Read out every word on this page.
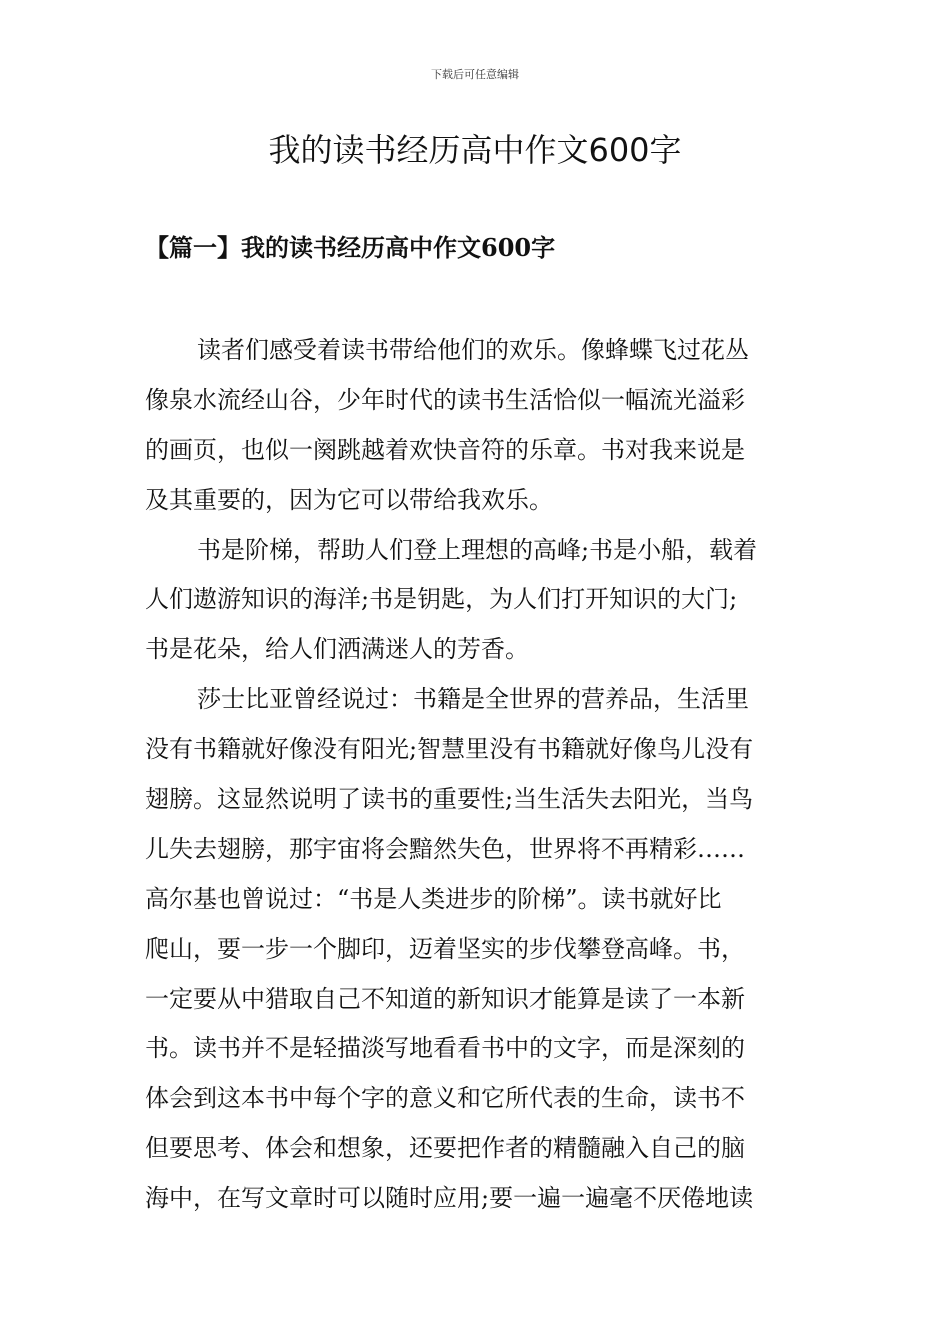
下载后可任意编辑
我的读书经历高中作文600字
【篇一】我的读书经历高中作文600字

读者们感受着读书带给他们的欢乐。像蜂蝶飞过花丛
像泉水流经山谷，少年时代的读书生活恰似一幅流光溢彩
的画页，也似一阕跳越着欢快音符的乐章。书对我来说是
及其重要的，因为它可以带给我欢乐。

书是阶梯，帮助人们登上理想的高峰;书是小船，载着
人们遨游知识的海洋;书是钥匙，为人们打开知识的大门;
书是花朵，给人们洒满迷人的芳香。

莎士比亚曾经说过：书籍是全世界的营养品，生活里
没有书籍就好像没有阳光;智慧里没有书籍就好像鸟儿没有
翅膀。这显然说明了读书的重要性;当生活失去阳光，当鸟
儿失去翅膀，那宇宙将会黯然失色，世界将不再精彩……
高尔基也曾说过：“书是人类进步的阶梯”。读书就好比
爬山，要一步一个脚印，迈着坚实的步伐攀登高峰。书，
一定要从中猎取自己不知道的新知识才能算是读了一本新
书。读书并不是轻描淡写地看看书中的文字，而是深刻的
体会到这本书中每个字的意义和它所代表的生命，读书不
但要思考、体会和想象，还要把作者的精髓融入自己的脑
海中，在写文章时可以随时应用;要一遍一遍毫不厌倦地读
